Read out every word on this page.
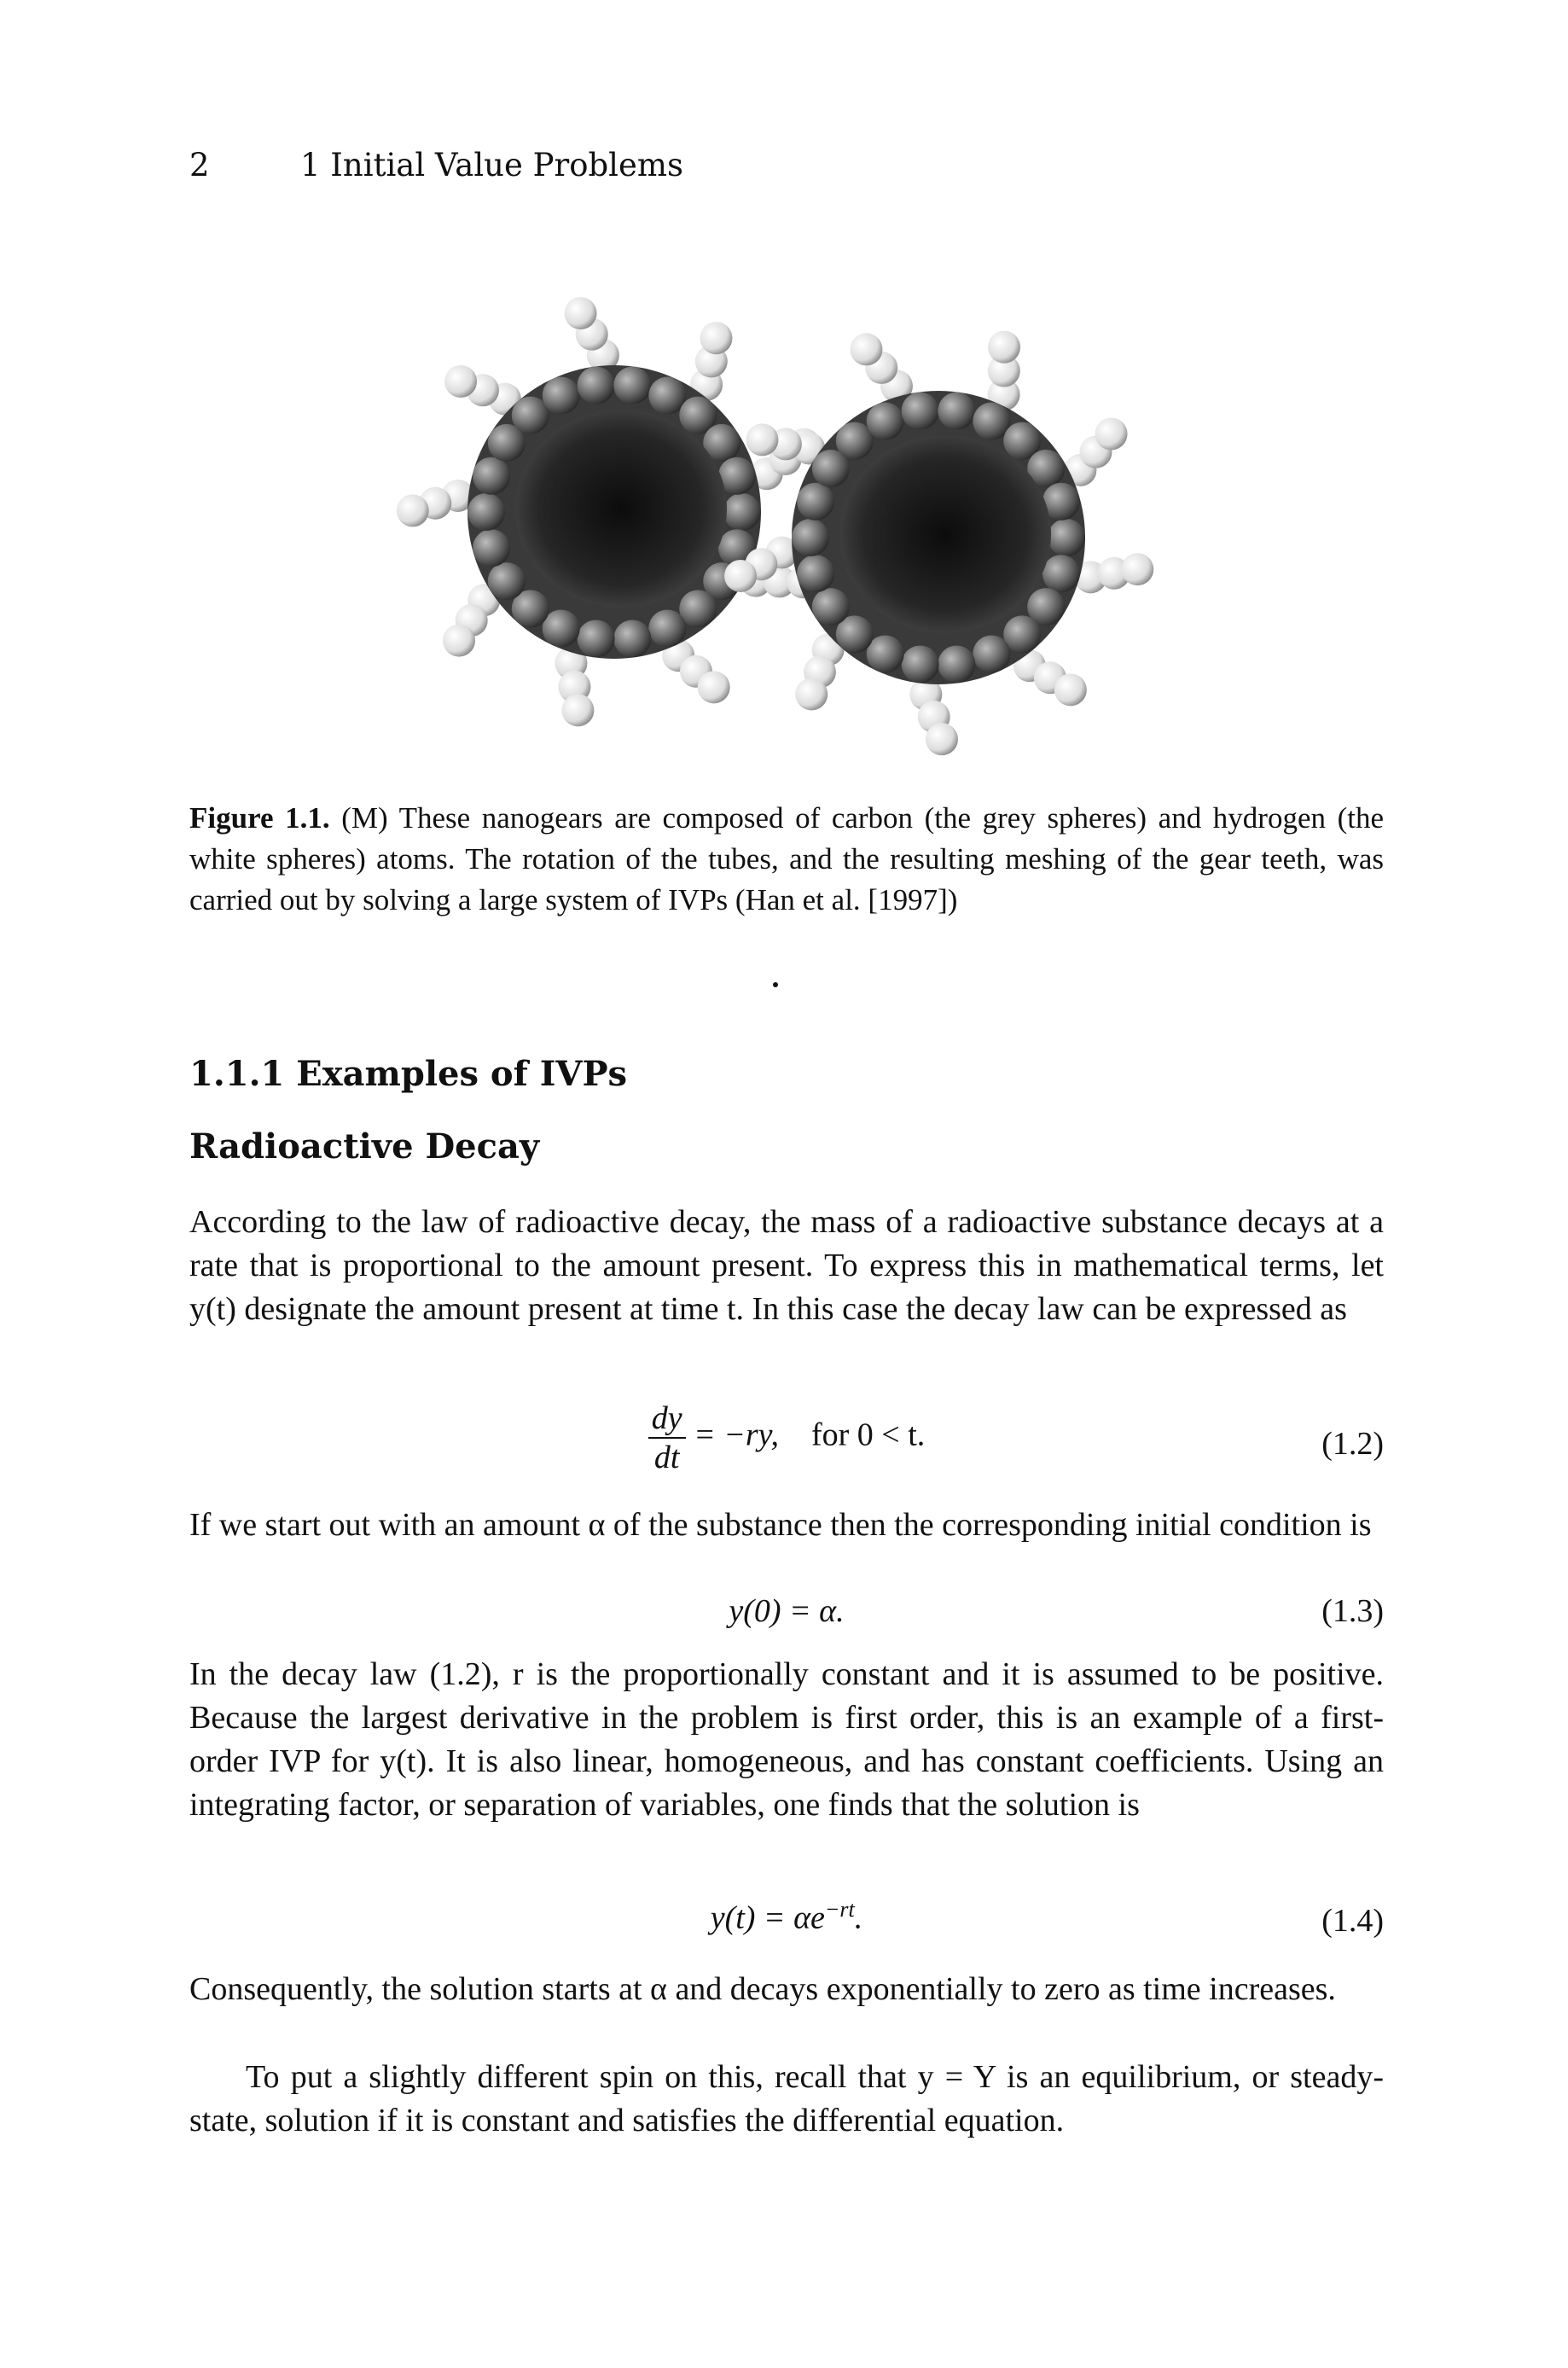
2	1 Initial Value Problems
Figure 1.1. (M) These nanogears are composed of carbon (the grey spheres) and hydrogen (the white spheres) atoms. The rotation of the tubes, and the resulting meshing of the gear teeth, was carried out by solving a large system of IVPs (Han et al. [1997])
1.1.1 Examples of IVPs
Radioactive Decay
According to the law of radioactive decay, the mass of a radioactive substance decays at a rate that is proportional to the amount present. To express this in mathematical terms, let y(t) designate the amount present at time t. In this case the decay law can be expressed as
$\frac{dy}{dt} = -ry$, for 0 < t.	(1.2)
If we start out with an amount α of the substance then the corresponding initial condition is
y(0) = α.	(1.3)
In the decay law (1.2), r is the proportionally constant and it is assumed to be positive. Because the largest derivative in the problem is first order, this is an example of a first-order IVP for y(t). It is also linear, homogeneous, and has constant coefficients. Using an integrating factor, or separation of variables, one finds that the solution is
$y(t) = \alpha e^{-rt}$.	(1.4)
Consequently, the solution starts at α and decays exponentially to zero as time increases.
To put a slightly different spin on this, recall that y = Y is an equilibrium, or steady-state, solution if it is constant and satisfies the differential equation.
